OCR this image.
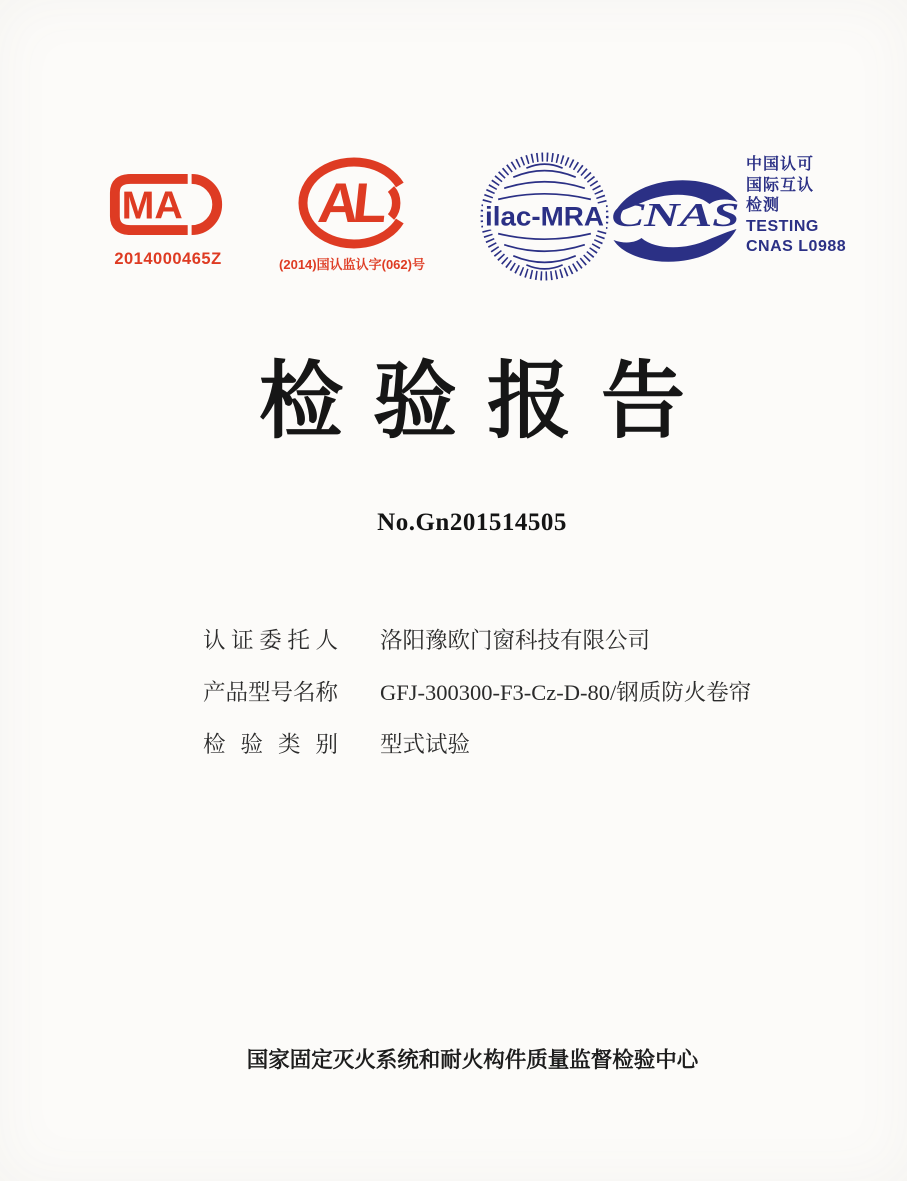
MA
2014000465Z
AL
(2014)国认监认字(062)号
ilac-MRA CNAS
中国认可
国际互认
检测
TESTING
CNAS L0988
检验报告
No.Gn201514505
认证委托人 洛阳豫欧门窗科技有限公司
产品型号名称 GFJ-300300-F3-Cz-D-80/钢质防火卷帘
检验类别 型式试验
国家固定灭火系统和耐火构件质量监督检验中心
